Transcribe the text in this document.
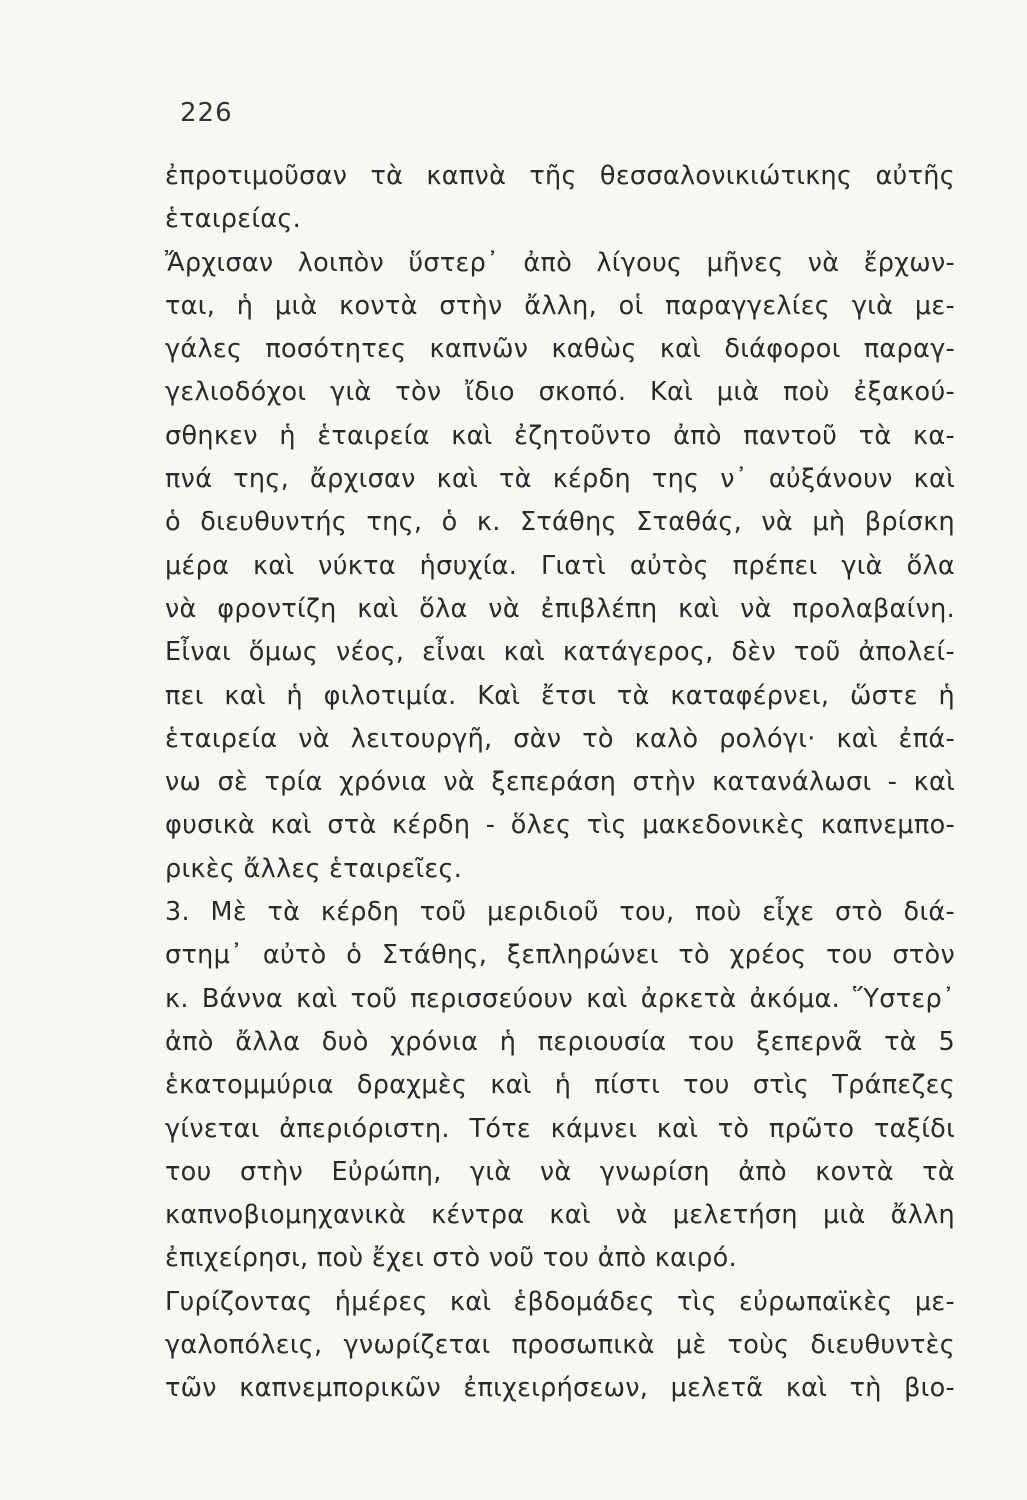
226
ἐπροτιμοῦσαν τὰ καπνὰ τῆς θεσσαλονικιώτικης αὐτῆς
ἑταιρείας.
Ἄρχισαν λοιπὸν ὕστερ᾽ ἀπὸ λίγους μῆνες νὰ ἔρχων-
ται, ἡ μιὰ κοντὰ στὴν ἄλλη, οἱ παραγγελίες γιὰ με-
γάλες ποσότητες καπνῶν καθὼς καὶ διάφοροι παραγ-
γελιοδόχοι γιὰ τὸν ἴδιο σκοπό. Καὶ μιὰ ποὺ ἐξακού-
σθηκεν ἡ ἑταιρεία καὶ ἐζητοῦντο ἀπὸ παντοῦ τὰ κα-
πνά της, ἄρχισαν καὶ τὰ κέρδη της ν᾽ αὐξάνουν καὶ
ὁ διευθυντής της, ὁ κ. Στάθης Σταθάς, νὰ μὴ βρίσκη
μέρα καὶ νύκτα ἡσυχία. Γιατὶ αὐτὸς πρέπει γιὰ ὅλα
νὰ φροντίζη καὶ ὅλα νὰ ἐπιβλέπη καὶ νὰ προλαβαίνη.
Εἶναι ὅμως νέος, εἶναι καὶ κατάγερος, δὲν τοῦ ἀπολεί-
πει καὶ ἡ φιλοτιμία. Καὶ ἔτσι τὰ καταφέρνει, ὥστε ἡ
ἑταιρεία νὰ λειτουργῆ, σὰν τὸ καλὸ ρολόγι· καὶ ἐπά-
νω σὲ τρία χρόνια νὰ ξεπεράση στὴν κατανάλωσι - καὶ
φυσικὰ καὶ στὰ κέρδη - ὅλες τὶς μακεδονικὲς καπνεμπο-
ρικὲς ἄλλες ἑταιρεῖες.
3. Μὲ τὰ κέρδη τοῦ μεριδιοῦ του, ποὺ εἶχε στὸ διά-
στημ᾽ αὐτὸ ὁ Στάθης, ξεπληρώνει τὸ χρέος του στὸν
κ. Βάννα καὶ τοῦ περισσεύουν καὶ ἀρκετὰ ἀκόμα. Ὕστερ᾽
ἀπὸ ἄλλα δυὸ χρόνια ἡ περιουσία του ξεπερνᾶ τὰ 5
ἑκατομμύρια δραχμὲς καὶ ἡ πίστι του στὶς Τράπεζες
γίνεται ἀπεριόριστη. Τότε κάμνει καὶ τὸ πρῶτο ταξίδι
του στὴν Εὐρώπη, γιὰ νὰ γνωρίση ἀπὸ κοντὰ τὰ
καπνοβιομηχανικὰ κέντρα καὶ νὰ μελετήση μιὰ ἄλλη
ἐπιχείρησι, ποὺ ἔχει στὸ νοῦ του ἀπὸ καιρό.
Γυρίζοντας ἡμέρες καὶ ἑβδομάδες τὶς εὐρωπαϊκὲς με-
γαλοπόλεις, γνωρίζεται προσωπικὰ μὲ τοὺς διευθυντὲς
τῶν καπνεμπορικῶν ἐπιχειρήσεων, μελετᾶ καὶ τὴ βιο-
